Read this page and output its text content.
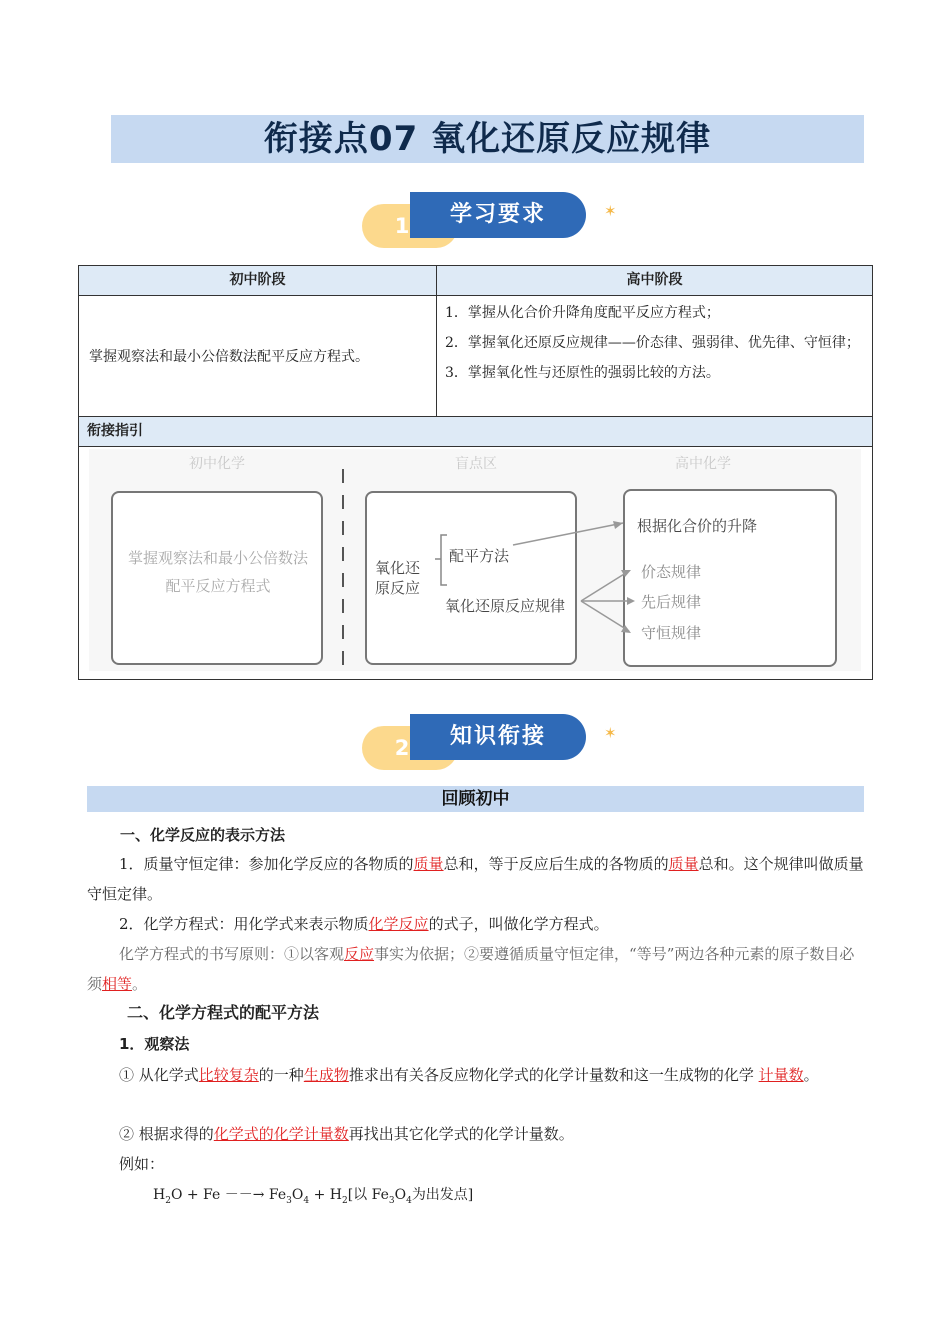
衔接点07 氧化还原反应规律
1	学习要求	✶
初中阶段	高中阶段
掌握观察法和最小公倍数法配平反应方程式。
1．掌握从化合价升降角度配平反应方程式；
2．掌握氧化还原反应规律——价态律、强弱律、优先律、守恒律；
3．掌握氧化性与还原性的强弱比较的方法。
衔接指引
初中化学	盲点区	高中化学
掌握观察法和最小公倍数法
配平反应方程式
氧化还
原反应
配平方法
氧化还原反应规律
根据化合价的升降
价态规律
先后规律
守恒规律
2	知识衔接	✶
回顾初中
一、化学反应的表示方法
1．质量守恒定律：参加化学反应的各物质的质量总和，等于反应后生成的各物质的质量总和。这个规律叫做质量守恒定律。
2．化学方程式：用化学式来表示物质化学反应的式子，叫做化学方程式。
化学方程式的书写原则：①以客观反应事实为依据；②要遵循质量守恒定律，“等号”两边各种元素的原子数目必须相等。
二、化学方程式的配平方法
1．观察法
① 从化学式比较复杂的一种生成物推求出有关各反应物化学式的化学计量数和这一生成物的化学 计量数。
② 根据求得的化学式的化学计量数再找出其它化学式的化学计量数。
例如：
$H_2O + Fe$ －－→ $Fe_3O_4 + H_2$[以 $Fe_3O_4$为出发点]
